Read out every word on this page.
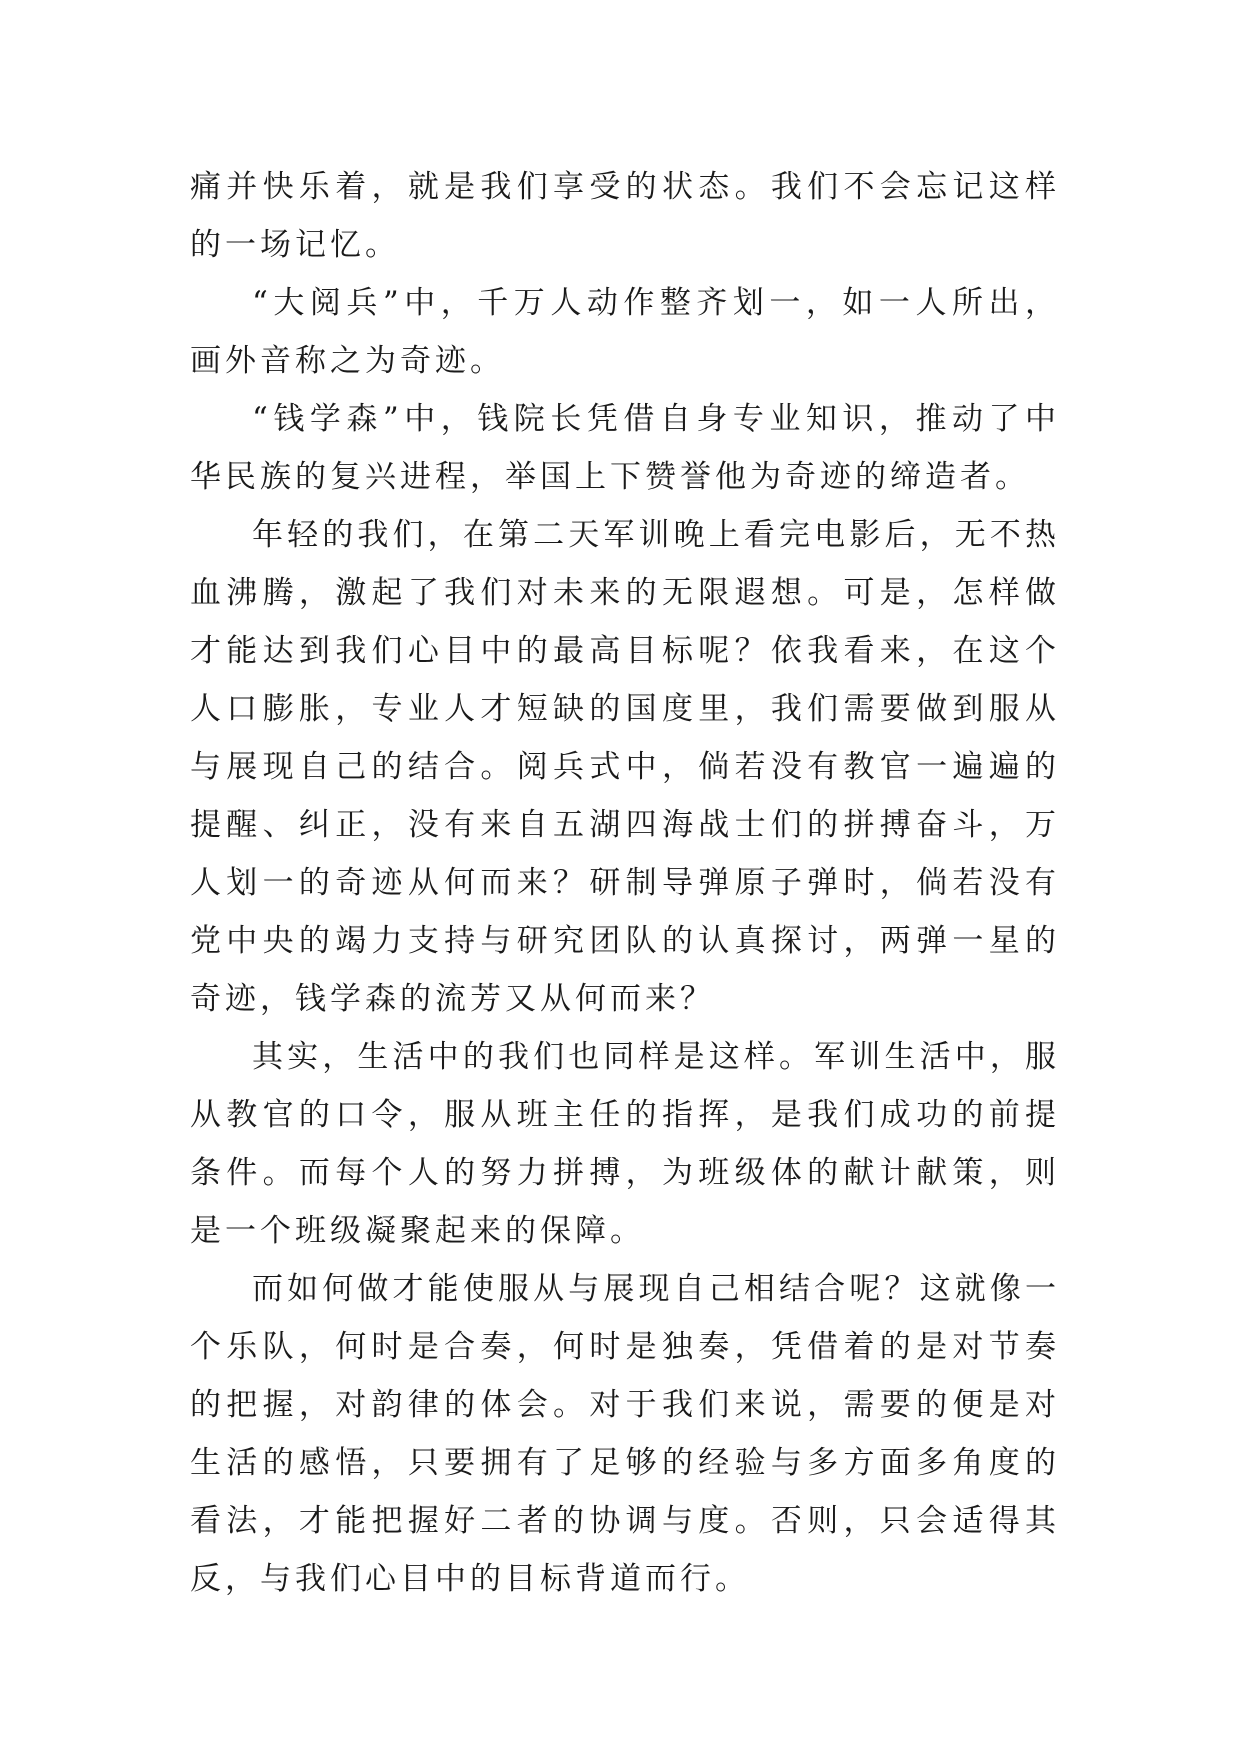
痛并快乐着，就是我们享受的状态。我们不会忘记这样的一场记忆。

“大阅兵”中，千万人动作整齐划一，如一人所出，画外音称之为奇迹。

“钱学森”中，钱院长凭借自身专业知识，推动了中华民族的复兴进程，举国上下赞誉他为奇迹的缔造者。

年轻的我们，在第二天军训晚上看完电影后，无不热血沸腾，激起了我们对未来的无限遐想。可是，怎样做才能达到我们心目中的最高目标呢？依我看来，在这个人口膨胀，专业人才短缺的国度里，我们需要做到服从与展现自己的结合。阅兵式中，倘若没有教官一遍遍的提醒、纠正，没有来自五湖四海战士们的拼搏奋斗，万人划一的奇迹从何而来？研制导弹原子弹时，倘若没有党中央的竭力支持与研究团队的认真探讨，两弹一星的奇迹，钱学森的流芳又从何而来？

其实，生活中的我们也同样是这样。军训生活中，服从教官的口令，服从班主任的指挥，是我们成功的前提条件。而每个人的努力拼搏，为班级体的献计献策，则是一个班级凝聚起来的保障。

而如何做才能使服从与展现自己相结合呢？这就像一个乐队，何时是合奏，何时是独奏，凭借着的是对节奏的把握，对韵律的体会。对于我们来说，需要的便是对生活的感悟，只要拥有了足够的经验与多方面多角度的看法，才能把握好二者的协调与度。否则，只会适得其反，与我们心目中的目标背道而行。
